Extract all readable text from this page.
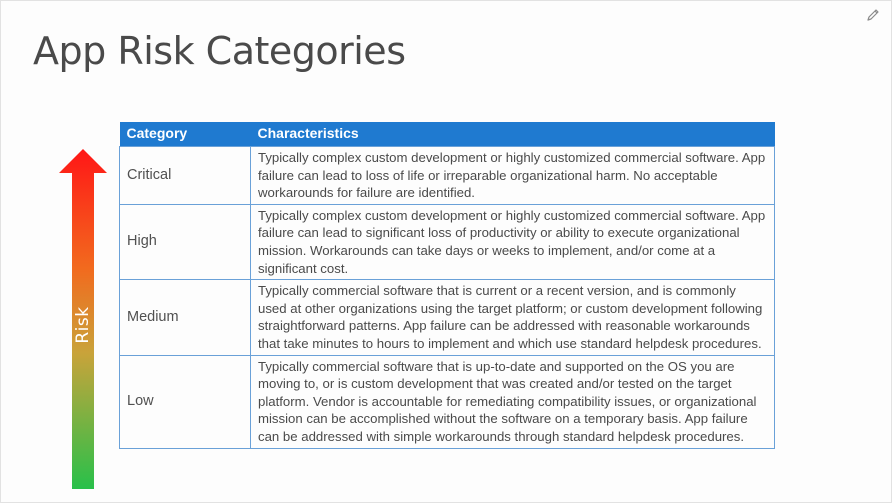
App Risk Categories
Risk
Category	Characteristics
Critical	Typically complex custom development or highly customized commercial software. App failure can lead to loss of life or irreparable organizational harm. No acceptable workarounds for failure are identified.
High	Typically complex custom development or highly customized commercial software. App failure can lead to significant loss of productivity or ability to execute organizational mission. Workarounds can take days or weeks to implement, and/or come at a significant cost.
Medium	Typically commercial software that is current or a recent version, and is commonly used at other organizations using the target platform; or custom development following straightforward patterns. App failure can be addressed with reasonable workarounds that take minutes to hours to implement and which use standard helpdesk procedures.
Low	Typically commercial software that is up-to-date and supported on the OS you are moving to, or is custom development that was created and/or tested on the target platform. Vendor is accountable for remediating compatibility issues, or organizational mission can be accomplished without the software on a temporary basis. App failure can be addressed with simple workarounds through standard helpdesk procedures.
